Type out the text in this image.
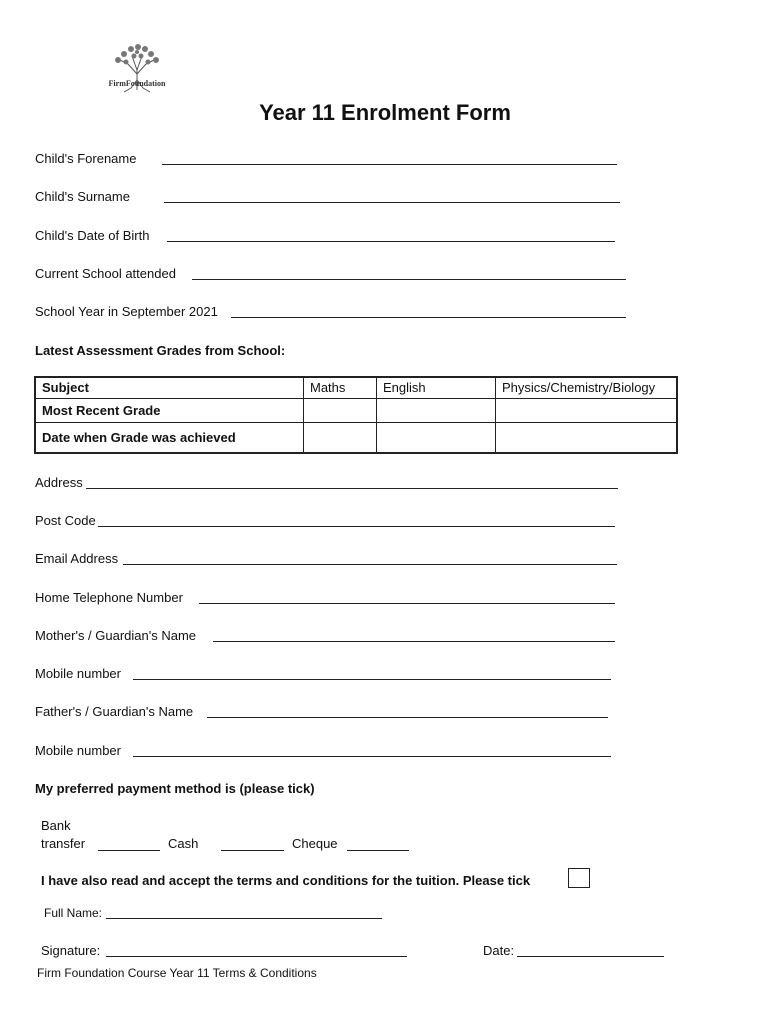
FirmFoundation
Year 11 Enrolment Form
Child's Forename
Child's Surname
Child's Date of Birth
Current School attended
School Year in September 2021
Latest Assessment Grades from School:
Subject	Maths	English	Physics/Chemistry/Biology
Most Recent Grade			
Date when Grade was achieved			
Address
Post Code
Email Address
Home Telephone Number
Mother's / Guardian's Name
Mobile number
Father's / Guardian's Name
Mobile number
My preferred payment method is (please tick)
Bank
transfer	Cash	Cheque
I have also read and accept the terms and conditions for the tuition. Please tick
Full Name:
Signature:	Date:
Firm Foundation Course Year 11 Terms & Conditions
